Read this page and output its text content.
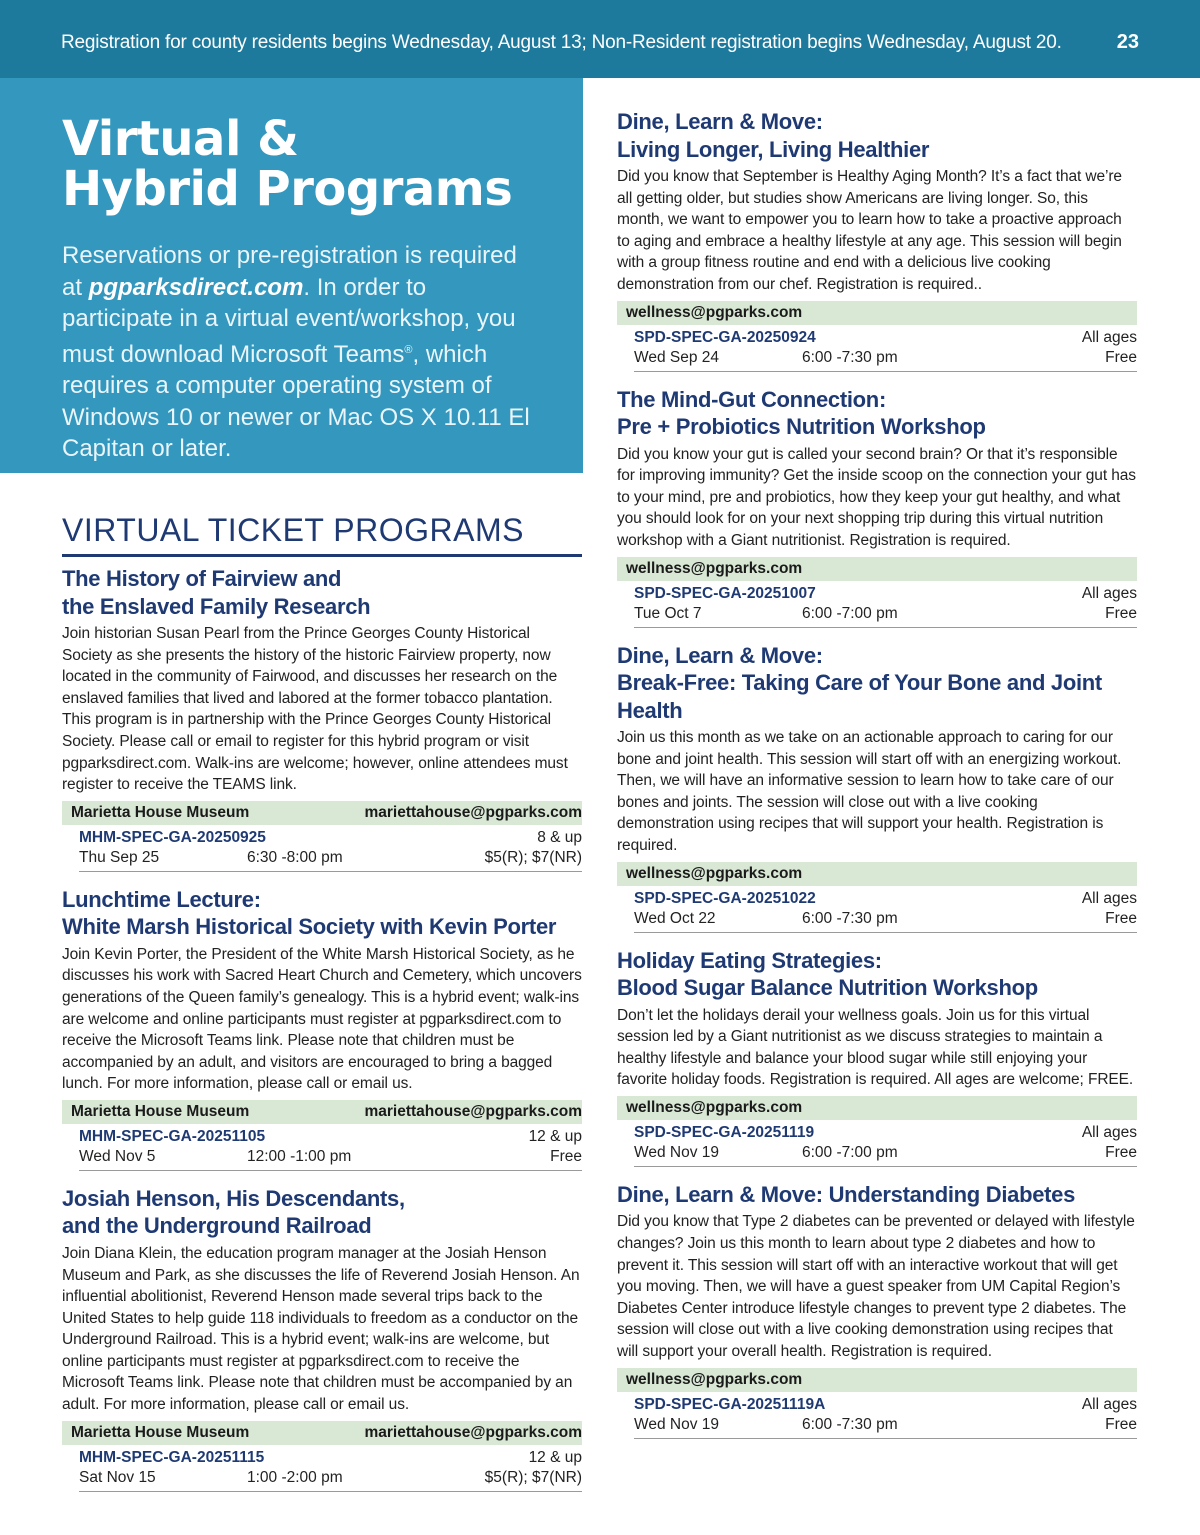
Registration for county residents begins Wednesday, August 13; Non-Resident registration begins Wednesday, August 20.	23
Virtual &
Hybrid Programs

Reservations or pre-registration is required at pgparksdirect.com. In order to participate in a virtual event/workshop, you must download Microsoft Teams®, which requires a computer operating system of Windows 10 or newer or Mac OS X 10.11 El Capitan or later.

VIRTUAL TICKET PROGRAMS
The History of Fairview and
the Enslaved Family Research

Join historian Susan Pearl from the Prince Georges County Historical Society as she presents the history of the historic Fairview property, now located in the community of Fairwood, and discusses her research on the enslaved families that lived and labored at the former tobacco plantation. This program is in partnership with the Prince Georges County Historical Society. Please call or email to register for this hybrid program or visit pgparksdirect.com. Walk-ins are welcome; however, online attendees must register to receive the TEAMS link.

Marietta House Museum	mariettahouse@pgparks.com
MHM-SPEC-GA-20250925	8 & up
Thu Sep 25	6:30 -8:00 pm	$5(R); $7(NR)
Lunchtime Lecture:
White Marsh Historical Society with Kevin Porter

Join Kevin Porter, the President of the White Marsh Historical Society, as he discusses his work with Sacred Heart Church and Cemetery, which uncovers generations of the Queen family’s genealogy. This is a hybrid event; walk-ins are welcome and online participants must register at pgparksdirect.com to receive the Microsoft Teams link. Please note that children must be accompanied by an adult, and visitors are encouraged to bring a bagged lunch. For more information, please call or email us.

Marietta House Museum	mariettahouse@pgparks.com
MHM-SPEC-GA-20251105	12 & up
Wed Nov 5	12:00 -1:00 pm	Free
Josiah Henson, His Descendants,
and the Underground Railroad

Join Diana Klein, the education program manager at the Josiah Henson Museum and Park, as she discusses the life of Reverend Josiah Henson. An influential abolitionist, Reverend Henson made several trips back to the United States to help guide 118 individuals to freedom as a conductor on the Underground Railroad. This is a hybrid event; walk-ins are welcome, but online participants must register at pgparksdirect.com to receive the Microsoft Teams link. Please note that children must be accompanied by an adult. For more information, please call or email us.

Marietta House Museum	mariettahouse@pgparks.com
MHM-SPEC-GA-20251115	12 & up
Sat Nov 15	1:00 -2:00 pm	$5(R); $7(NR)
Dine, Learn & Move:
Living Longer, Living Healthier

Did you know that September is Healthy Aging Month? It’s a fact that we’re all getting older, but studies show Americans are living longer. So, this month, we want to empower you to learn how to take a proactive approach to aging and embrace a healthy lifestyle at any age. This session will begin with a group fitness routine and end with a delicious live cooking demonstration from our chef. Registration is required..

wellness@pgparks.com
SPD-SPEC-GA-20250924	All ages
Wed Sep 24	6:00 -7:30 pm	Free
The Mind-Gut Connection:
Pre + Probiotics Nutrition Workshop

Did you know your gut is called your second brain? Or that it’s responsible for improving immunity? Get the inside scoop on the connection your gut has to your mind, pre and probiotics, how they keep your gut healthy, and what you should look for on your next shopping trip during this virtual nutrition workshop with a Giant nutritionist. Registration is required.

wellness@pgparks.com
SPD-SPEC-GA-20251007	All ages
Tue Oct 7	6:00 -7:00 pm	Free
Dine, Learn & Move:
Break-Free: Taking Care of Your Bone and Joint Health

Join us this month as we take on an actionable approach to caring for our bone and joint health. This session will start off with an energizing workout. Then, we will have an informative session to learn how to take care of our bones and joints. The session will close out with a live cooking demonstration using recipes that will support your health. Registration is required.

wellness@pgparks.com
SPD-SPEC-GA-20251022	All ages
Wed Oct 22	6:00 -7:30 pm	Free
Holiday Eating Strategies:
Blood Sugar Balance Nutrition Workshop

Don’t let the holidays derail your wellness goals. Join us for this virtual session led by a Giant nutritionist as we discuss strategies to maintain a healthy lifestyle and balance your blood sugar while still enjoying your favorite holiday foods. Registration is required. All ages are welcome; FREE.

wellness@pgparks.com
SPD-SPEC-GA-20251119	All ages
Wed Nov 19	6:00 -7:00 pm	Free
Dine, Learn & Move: Understanding Diabetes

Did you know that Type 2 diabetes can be prevented or delayed with lifestyle changes? Join us this month to learn about type 2 diabetes and how to prevent it. This session will start off with an interactive workout that will get you moving. Then, we will have a guest speaker from UM Capital Region’s Diabetes Center introduce lifestyle changes to prevent type 2 diabetes. The session will close out with a live cooking demonstration using recipes that will support your overall health. Registration is required.

wellness@pgparks.com
SPD-SPEC-GA-20251119A	All ages
Wed Nov 19	6:00 -7:30 pm	Free
